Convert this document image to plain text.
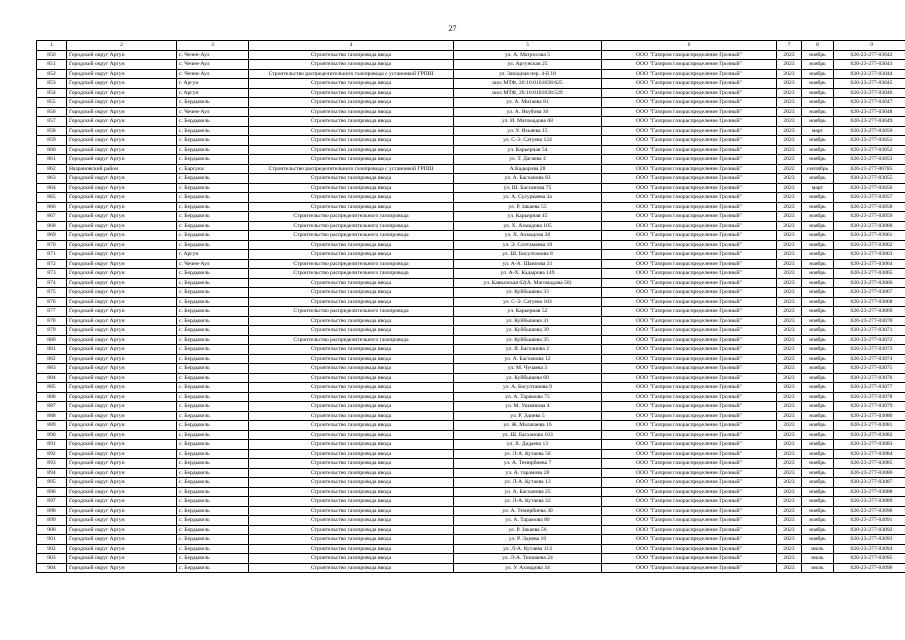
27
1	2	3	4	5	6	7	8	9
850	Городской округ Аргун	с. Чечен-Аул	Строительство газопровода ввода	ул. А. Матросова 5	ООО "Газпром газораспределение Грозный"	2023	ноябрь	020-23-277-03042
851	Городской округ Аргун	с. Чечен-Аул	Строительство газопровода ввода	ул. Аргунская 25	ООО "Газпром газораспределение Грозный"	2023	ноябрь	020-23-277-03043
852	Городской округ Аргун	с. Чечен-Аул	Строительство распределительного газопровода с установкой ГРПШ	ул. Западная пер. 4-й 18	ООО "Газпром газораспределение Грозный"	2023	ноябрь	020-23-277-03044
853	Городской округ Аргун	г. Аргун	Строительство газопровода ввода	шос.МТФ, 20:16:0101038:625	ООО "Газпром газораспределение Грозный"	2023	ноябрь	020-23-277-03045
854	Городской округ Аргун	г. Аргун	Строительство газопровода ввода	шос.МТФ, 20:16:0101038:529	ООО "Газпром газораспределение Грозный"	2023	ноябрь	020-23-277-03046
855	Городской округ Аргун	с. Бердыкель	Строительство газопровода ввода	ул. А. Митаева 81	ООО "Газпром газораспределение Грозный"	2023	ноябрь	020-23-277-03047
856	Городской округ Аргун	с. Чечен-Аул	Строительство газопровода ввода	ул. А. Якубова 36	ООО "Газпром газораспределение Грозный"	2023	ноябрь	020-23-277-03048
857	Городской округ Аргун	с. Бердыкель	Строительство газопровода ввода	ул. И. Магомадова 68	ООО "Газпром газораспределение Грозный"	2023	ноябрь	020-23-277-03049
858	Городской округ Аргун	с. Бердыкель	Строительство газопровода ввода	ул. У. Яхьяева 15	ООО "Газпром газораспределение Грозный"	2023	март	020-23-277-03050
859	Городской округ Аргун	с. Бердыкель	Строительство газопровода ввода	ул. С-Э. Сатуева 124	ООО "Газпром газораспределение Грозный"	2023	ноябрь	020-23-277-03051
860	Городской округ Аргун	с. Бердыкель	Строительство газопровода ввода	ул. Карьерная 54	ООО "Газпром газораспределение Грозный"	2023	ноябрь	020-23-277-03052
861	Городской округ Аргун	с. Бердыкель	Строительство газопровода ввода	ул. Т. Дагаева 4	ООО "Газпром газораспределение Грозный"	2023	ноябрь	020-23-277-03053
862	Назрановский район	с. Барсуки	Строительство распределительного газопровода с установкой ГРПШ	А.Кадырова 28	ООО "Газпром газораспределение Грозный"	2022	сентябрь	020-21-277-00785
863	Городской округ Аргун	с. Бердыкель	Строительство газопровода ввода	ул. А. Басханова 83	ООО "Газпром газораспределение Грозный"	2023	ноябрь	020-23-277-03055
864	Городской округ Аргун	с. Бердыкель	Строительство газопровода ввода	ул. Ш. Басханова 75	ООО "Газпром газораспределение Грозный"	2023	март	020-23-277-03056
865	Городской округ Аргун	с. Бердыкель	Строительство газопровода ввода	ул. А. Сусуркаева 3а	ООО "Газпром газораспределение Грозный"	2023	ноябрь	020-23-277-03057
866	Городской округ Аргун	с. Бердыкель	Строительство газопровода ввода	ул. Р. Закаева 55	ООО "Газпром газораспределение Грозный"	2023	ноябрь	020-23-277-03058
867	Городской округ Аргун	с. Бердыкель	Строительство распределительного газопровода	ул. Карьерная 45	ООО "Газпром газораспределение Грозный"	2023	ноябрь	020-23-277-03059
868	Городской округ Аргун	с. Бердыкель	Строительство распределительного газопровода	ул. Х. Ахмадова 105	ООО "Газпром газораспределение Грозный"	2023	ноябрь	020-23-277-03060
869	Городской округ Аргун	с. Бердыкель	Строительство распределительного газопровода	ул. Х. Ахмадова 28	ООО "Газпром газораспределение Грозный"	2023	ноябрь	020-23-277-03061
870	Городской округ Аргун	с. Бердыкель	Строительство газопровода ввода	ул. Э. Солтамаева 18	ООО "Газпром газораспределение Грозный"	2023	ноябрь	020-23-277-03062
871	Городской округ Аргун	г. Аргун	Строительство газопровода ввода	ул. Ш. Бисултанова 8	ООО "Газпром газораспределение Грозный"	2023	ноябрь	020-23-277-03063
872	Городской округ Аргун	с. Чечен-Аул	Строительство распределительного газопровода	ул. А-А. Шаипова 21	ООО "Газпром газораспределение Грозный"	2023	ноябрь	020-23-277-03064
873	Городской округ Аргун	с. Бердыкель	Строительство распределительного газопровода	ул. А-Х. Кадырова 149	ООО "Газпром газораспределение Грозный"	2023	ноябрь	020-23-277-03065
874	Городской округ Аргун	с. Бердыкель	Строительство газопровода ввода	ул. Кавказская 62(А. Магомадова 50)	ООО "Газпром газораспределение Грозный"	2023	ноябрь	020-23-277-03066
875	Городской округ Аргун	с. Бердыкель	Строительство газопровода ввода	ул. Куйбышева 33	ООО "Газпром газораспределение Грозный"	2023	ноябрь	020-23-277-03067
876	Городской округ Аргун	с. Бердыкель	Строительство газопровода ввода	ул. С-Э. Сатуева 103	ООО "Газпром газораспределение Грозный"	2023	ноябрь	020-23-277-03068
877	Городской округ Аргун	с. Бердыкель	Строительство распределительного газопровода	ул. Карьерная 52	ООО "Газпром газораспределение Грозный"	2023	ноябрь	020-23-277-03069
878	Городской округ Аргун	с. Бердыкель	Строительство газопровода ввода	ул. Куйбышева 31	ООО "Газпром газораспределение Грозный"	2023	ноябрь	020-23-277-03070
879	Городской округ Аргун	с. Бердыкель	Строительство газопровода ввода	ул. Куйбышева 39	ООО "Газпром газораспределение Грозный"	2023	ноябрь	020-23-277-03071
880	Городской округ Аргун	с. Бердыкель	Строительство распределительного газопровода	ул. Куйбышева 35	ООО "Газпром газораспределение Грозный"	2023	ноябрь	020-23-277-03072
881	Городской округ Аргун	с. Бердыкель	Строительство газопровода ввода	ул. Я. Басханова 2	ООО "Газпром газораспределение Грозный"	2023	ноябрь	020-23-277-03073
882	Городской округ Аргун	с. Бердыкель	Строительство газопровода ввода	ул. А. Басханова 12	ООО "Газпром газораспределение Грозный"	2023	ноябрь	020-23-277-03074
883	Городской округ Аргун	с. Бердыкель	Строительство газопровода ввода	ул. М. Чучаева 3	ООО "Газпром газораспределение Грозный"	2023	ноябрь	020-23-277-03075
884	Городской округ Аргун	с. Бердыкель	Строительство газопровода ввода	ул. Куйбышева 60	ООО "Газпром газораспределение Грозный"	2023	ноябрь	020-23-277-03076
885	Городской округ Аргун	с. Бердыкель	Строительство газопровода ввода	ул. А. Бисултанова 9	ООО "Газпром газораспределение Грозный"	2023	ноябрь	020-23-277-03077
886	Городской округ Аргун	с. Бердыкель	Строительство газопровода ввода	ул. А. Тарамова 75	ООО "Газпром газораспределение Грозный"	2023	ноябрь	020-23-277-03078
887	Городской округ Аргун	с. Бердыкель	Строительство газопровода ввода	ул. М. Ушаинова 4	ООО "Газпром газораспределение Грозный"	2023	ноябрь	020-23-277-03079
888	Городской округ Аргун	с. Бердыкель	Строительство газопровода ввода	ул. Р. Эдиева 5	ООО "Газпром газораспределение Грозный"	2023	ноябрь	020-23-277-03080
889	Городской округ Аргун	с. Бердыкель	Строительство газопровода ввода	ул. Ж. Малачаева 16	ООО "Газпром газораспределение Грозный"	2023	ноябрь	020-23-277-03081
890	Городской округ Аргун	с. Бердыкель	Строительство газопровода ввода	ул. Ш. Басханова 103	ООО "Газпром газораспределение Грозный"	2023	ноябрь	020-23-277-03082
891	Городской округ Аргун	с. Бердыкель	Строительство газопровода ввода	ул. Х. Дадаева 13	ООО "Газпром газораспределение Грозный"	2023	ноябрь	020-23-277-03083
892	Городской округ Аргун	с. Бердыкель	Строительство газопровода ввода	ул. Л-А. Кутаева 58	ООО "Газпром газораспределение Грозный"	2023	ноябрь	020-23-277-03084
893	Городской округ Аргун	с. Бердыкель	Строительство газопровода ввода	ул. А. Темирбиева 7	ООО "Газпром газораспределение Грозный"	2023	ноябрь	020-23-277-03085
894	Городской округ Аргун	с. Бердыкель	Строительство газопровода ввода	ул. А. тарамова 28	ООО "Газпром газораспределение Грозный"	2023	ноябрь	020-23-277-03086
895	Городской округ Аргун	с. Бердыкель	Строительство газопровода ввода	ул. Л-А. Кутаева 13	ООО "Газпром газораспределение Грозный"	2023	ноябрь	020-23-277-03087
896	Городской округ Аргун	с. Бердыкель	Строительство газопровода ввода	ул. А. Басханова 25	ООО "Газпром газораспределение Грозный"	2023	ноябрь	020-23-277-03088
897	Городской округ Аргун	с. Бердыкель	Строительство газопровода ввода	ул. Л-А. Кутаева 32	ООО "Газпром газораспределение Грозный"	2023	ноябрь	020-23-277-03089
898	Городской округ Аргун	с. Бердыкель	Строительство газопровода ввода	ул. А. Темирбиева 30	ООО "Газпром газораспределение Грозный"	2023	ноябрь	020-23-277-03090
899	Городской округ Аргун	с. Бердыкель	Строительство газопровода ввода	ул. А. Тарамова 80	ООО "Газпром газораспределение Грозный"	2023	ноябрь	020-23-277-03091
900	Городской округ Аргун	с. Бердыкель	Строительство газопровода ввода	ул. Р. Закаева 56	ООО "Газпром газораспределение Грозный"	2023	ноябрь	020-23-277-03092
901	Городской округ Аргун	с. Бердыкель	Строительство газопровода ввода	ул. Р. Эдиева 10	ООО "Газпром газораспределение Грозный"	2023	ноябрь	020-23-277-03093
902	Городской округ Аргун	с. Бердыкель	Строительство газопровода ввода	ул. Л-А. Кутаева 113	ООО "Газпром газораспределение Грозный"	2023	июль	020-23-277-03094
903	Городской округ Аргун	с. Бердыкель	Строительство газопровода ввода	ул. Л-А. Тепшаева 24	ООО "Газпром газораспределение Грозный"	2023	июль	020-23-277-03095
904	Городской округ Аргун	с. Бердыкель	Строительство газопровода ввода	ул. У. Ахмадова 34	ООО "Газпром газораспределение Грозный"	2023	июль	020-23-277-03096
